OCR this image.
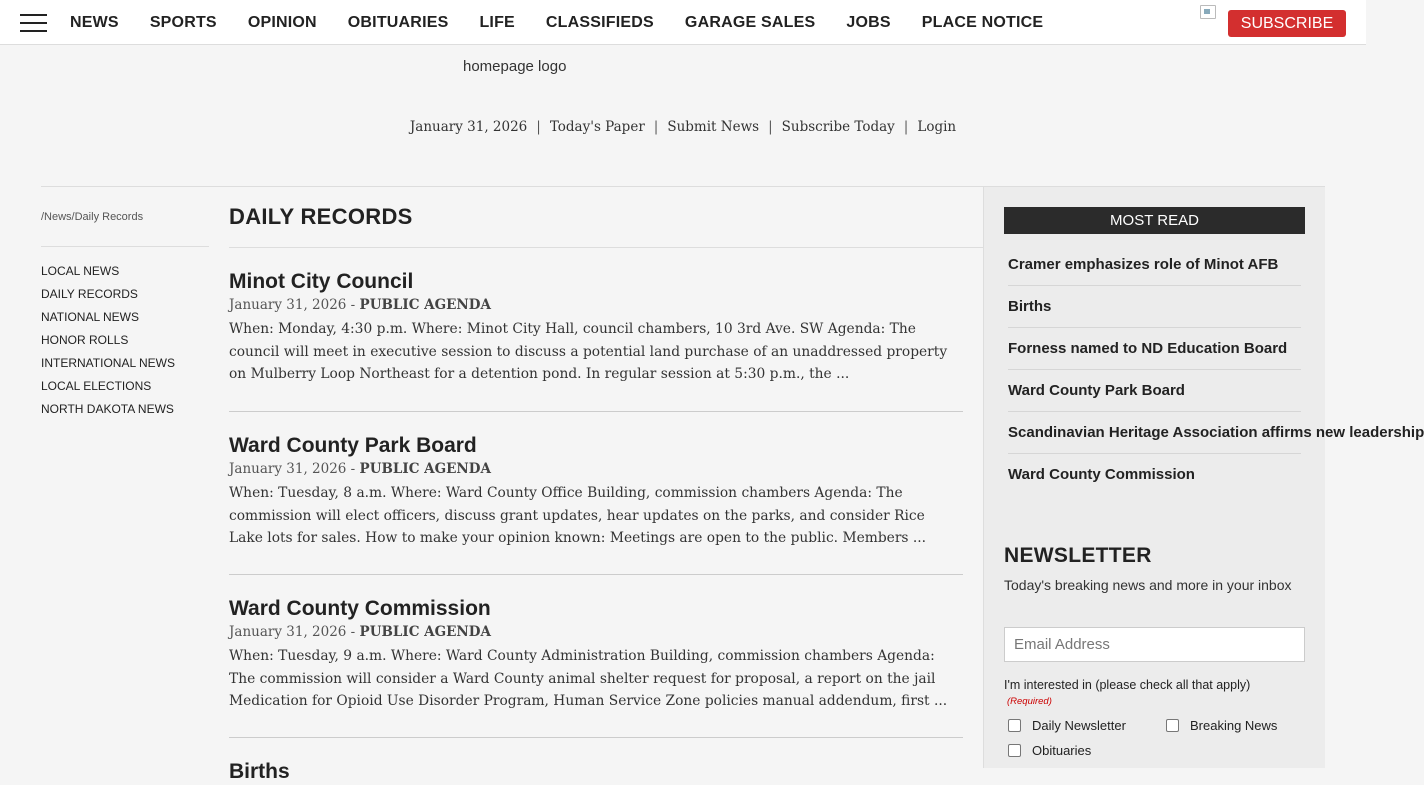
NEWS SPORTS OPINION OBITUARIES LIFE CLASSIFIEDS GARAGE SALES JOBS PLACE NOTICE	SUBSCRIBE
homepage logo
January 31, 2026 | Today's Paper | Submit News | Subscribe Today | Login
/News/Daily Records
LOCAL NEWS
DAILY RECORDS
NATIONAL NEWS
HONOR ROLLS
INTERNATIONAL NEWS
LOCAL ELECTIONS
NORTH DAKOTA NEWS
DAILY RECORDS
Minot City Council
January 31, 2026 - PUBLIC AGENDA

When: Monday, 4:30 p.m. Where: Minot City Hall, council chambers, 10 3rd Ave. SW Agenda: The council will meet in executive session to discuss a potential land purchase of an unaddressed property on Mulberry Loop Northeast for a detention pond. In regular session at 5:30 p.m., the ...

Ward County Park Board
January 31, 2026 - PUBLIC AGENDA

When: Tuesday, 8 a.m. Where: Ward County Office Building, commission chambers Agenda: The commission will elect officers, discuss grant updates, hear updates on the parks, and consider Rice Lake lots for sales. How to make your opinion known: Meetings are open to the public. Members ...

Ward County Commission
January 31, 2026 - PUBLIC AGENDA

When: Tuesday, 9 a.m. Where: Ward County Administration Building, commission chambers Agenda: The commission will consider a Ward County animal shelter request for proposal, a report on the jail Medication for Opioid Use Disorder Program, Human Service Zone policies manual addendum, first ...

Births
MOST READ
Cramer emphasizes role of Minot AFB
Births
Forness named to ND Education Board
Ward County Park Board
Scandinavian Heritage Association affirms new leadership
Ward County Commission
NEWSLETTER

Today's breaking news and more in your inbox

Email Address
I'm interested in (please check all that apply)
(Required)
Daily Newsletter	Breaking News
Obituaries
